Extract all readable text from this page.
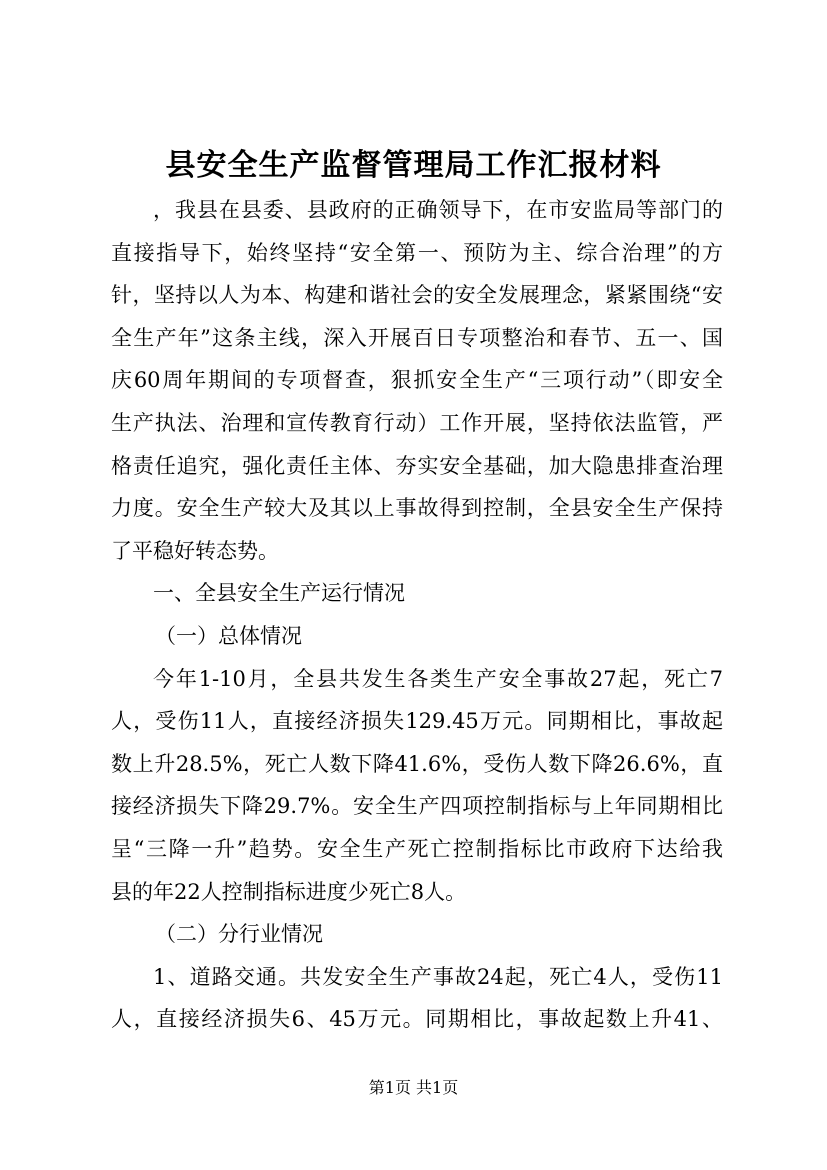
县安全生产监督管理局工作汇报材料
，我县在县委、县政府的正确领导下，在市安监局等部门的
直接指导下，始终坚持“安全第一、预防为主、综合治理”的方
针，坚持以人为本、构建和谐社会的安全发展理念，紧紧围绕“安
全生产年”这条主线，深入开展百日专项整治和春节、五一、国
庆60周年期间的专项督查，狠抓安全生产“三项行动”（即安全
生产执法、治理和宣传教育行动）工作开展，坚持依法监管，严
格责任追究，强化责任主体、夯实安全基础，加大隐患排查治理
力度。安全生产较大及其以上事故得到控制，全县安全生产保持
了平稳好转态势。
一、全县安全生产运行情况
（一）总体情况
今年1-10月，全县共发生各类生产安全事故27起，死亡7
人，受伤11人，直接经济损失129.45万元。同期相比，事故起
数上升28.5%，死亡人数下降41.6%，受伤人数下降26.6%，直
接经济损失下降29.7%。安全生产四项控制指标与上年同期相比
呈“三降一升”趋势。安全生产死亡控制指标比市政府下达给我
县的年22人控制指标进度少死亡8人。
（二）分行业情况
1、道路交通。共发安全生产事故24起，死亡4人，受伤11
人，直接经济损失6、45万元。同期相比，事故起数上升41、
第1页 共1页
